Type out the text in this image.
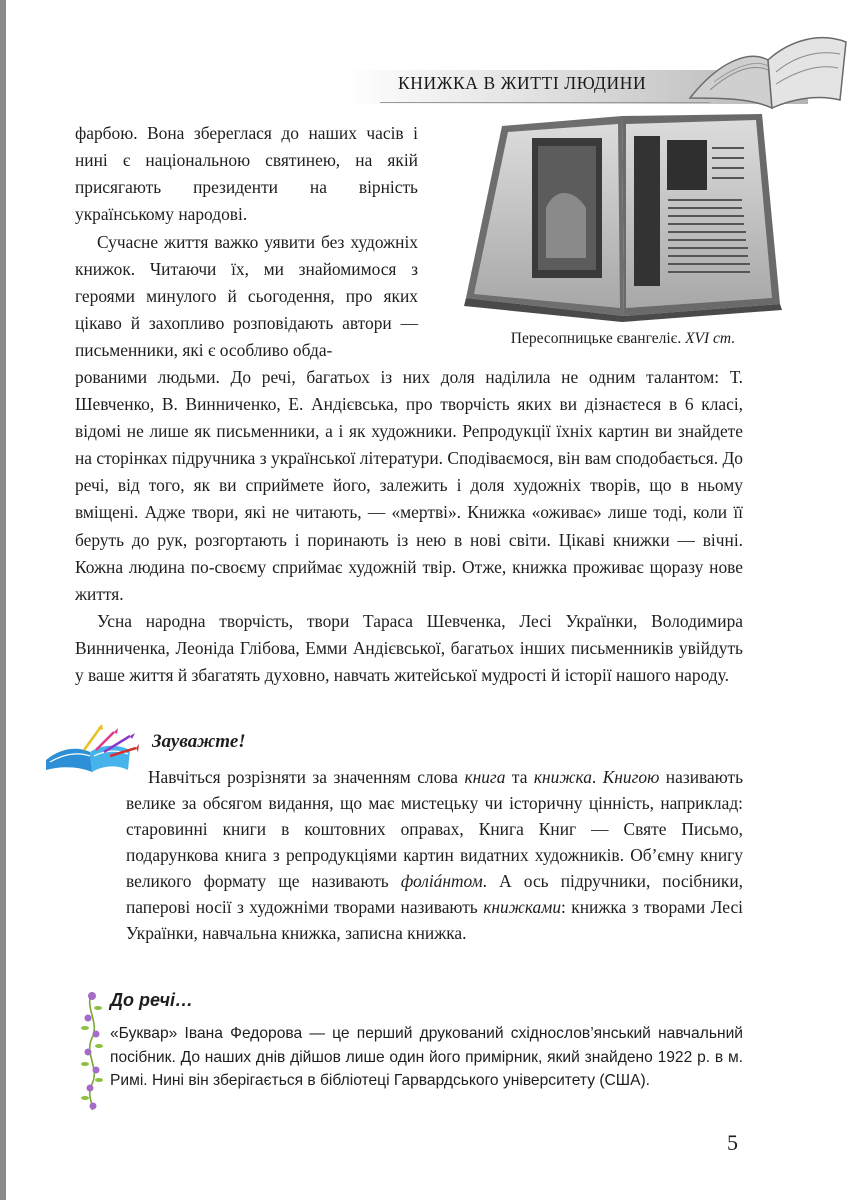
КНИЖКА В ЖИТТІ ЛЮДИНИ
Пересопницьке євангеліє. XVI ст.

фарбою. Вона збереглася до наших часів і нині є національною святинею, на якій присягають президенти на вірність українському народові.

Сучасне життя важко уявити без художніх книжок. Читаючи їх, ми знайомимося з героями минулого й сьогодення, про яких цікаво й захопливо розповідають автори — письменники, які є особливо обда-

рованими людьми. До речі, багатьох із них доля наділила не одним талантом: Т. Шевченко, В. Винниченко, Е. Андієвська, про творчість яких ви дізнаєтеся в 6 класі, відомі не лише як письменники, а і як художники. Репродукції їхніх картин ви знайдете на сторінках підручника з української літератури. Сподіваємося, він вам сподобається. До речі, від того, як ви сприймете його, залежить і доля художніх творів, що в ньому вміщені. Адже твори, які не читають, — «мертві». Книжка «оживає» лише тоді, коли її беруть до рук, розгортають і поринають із нею в нові світи. Цікаві книжки — вічні. Кожна людина по-своєму сприймає художній твір. Отже, книжка проживає щоразу нове життя.

Усна народна творчість, твори Тараса Шевченка, Лесі Українки, Володимира Винниченка, Леоніда Глібова, Емми Андієвської, багатьох інших письменників увійдуть у ваше життя й збагатять духовно, навчать житейської мудрості й історії нашого народу.

Зауважте!

Навчіться розрізняти за значенням слова книга та книжка. Книгою називають велике за обсягом видання, що має мистецьку чи історичну цінність, наприклад: старовинні книги в коштовних оправах, Книга Книг — Святе Письмо, подарункова книга з репродукціями картин видатних художників. Об’ємну книгу великого формату ще називають фоліáнтом. А ось підручники, посібники, паперові носії з художніми творами називають книжками: книжка з творами Лесі Українки, навчальна книжка, записна книжка.

До речі…
«Буквар» Івана Федорова — це перший друкований східнослов’янський навчальний посібник. До наших днів дійшов лише один його примірник, який знайдено 1922 р. в м. Римі. Нині він зберігається в бібліотеці Гарвардського університету (США).
5
